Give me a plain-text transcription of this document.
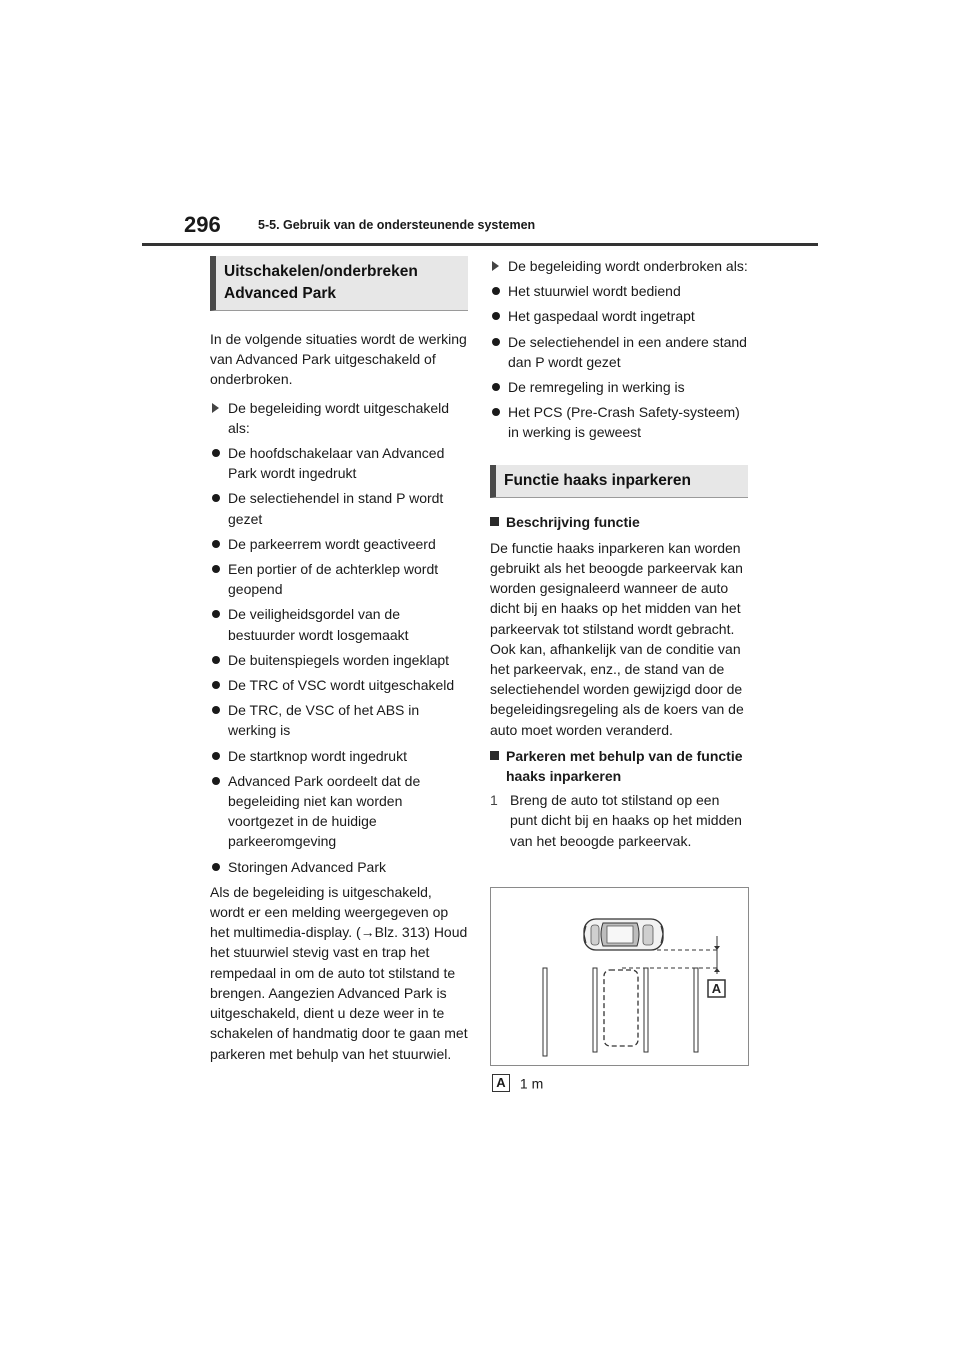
296	5-5. Gebruik van de ondersteunende systemen
Uitschakelen/onderbreken Advanced Park

In de volgende situaties wordt de werking van Advanced Park uitgeschakeld of onderbroken.

De begeleiding wordt uitgeschakeld als:
De hoofdschakelaar van Advanced Park wordt ingedrukt
De selectiehendel in stand P wordt gezet
De parkeerrem wordt geactiveerd
Een portier of de achterklep wordt geopend
De veiligheidsgordel van de bestuurder wordt losgemaakt
De buitenspiegels worden ingeklapt
De TRC of VSC wordt uitgeschakeld
De TRC, de VSC of het ABS in werking is
De startknop wordt ingedrukt
Advanced Park oordeelt dat de begeleiding niet kan worden voortgezet in de huidige parkeeromgeving
Storingen Advanced Park

Als de begeleiding is uitgeschakeld, wordt er een melding weergegeven op het multimedia-display. (→Blz. 313) Houd het stuurwiel stevig vast en trap het rempedaal in om de auto tot stilstand te brengen. Aangezien Advanced Park is uitgeschakeld, dient u deze weer in te schakelen of handmatig door te gaan met parkeren met behulp van het stuurwiel.

De begeleiding wordt onderbroken als:
Het stuurwiel wordt bediend
Het gaspedaal wordt ingetrapt
De selectiehendel in een andere stand dan P wordt gezet
De remregeling in werking is
Het PCS (Pre-Crash Safety-systeem) in werking is geweest
Functie haaks inparkeren
Beschrijving functie

De functie haaks inparkeren kan worden gebruikt als het beoogde parkeervak kan worden gesignaleerd wanneer de auto dicht bij en haaks op het midden van het parkeervak tot stilstand wordt gebracht. Ook kan, afhankelijk van de conditie van het parkeervak, enz., de stand van de selectiehendel worden gewijzigd door de begeleidingsregeling als de koers van de auto moet worden veranderd.

Parkeren met behulp van de functie haaks inparkeren
1 Breng de auto tot stilstand op een punt dicht bij en haaks op het midden van het beoogde parkeervak.
A
A 1 m
